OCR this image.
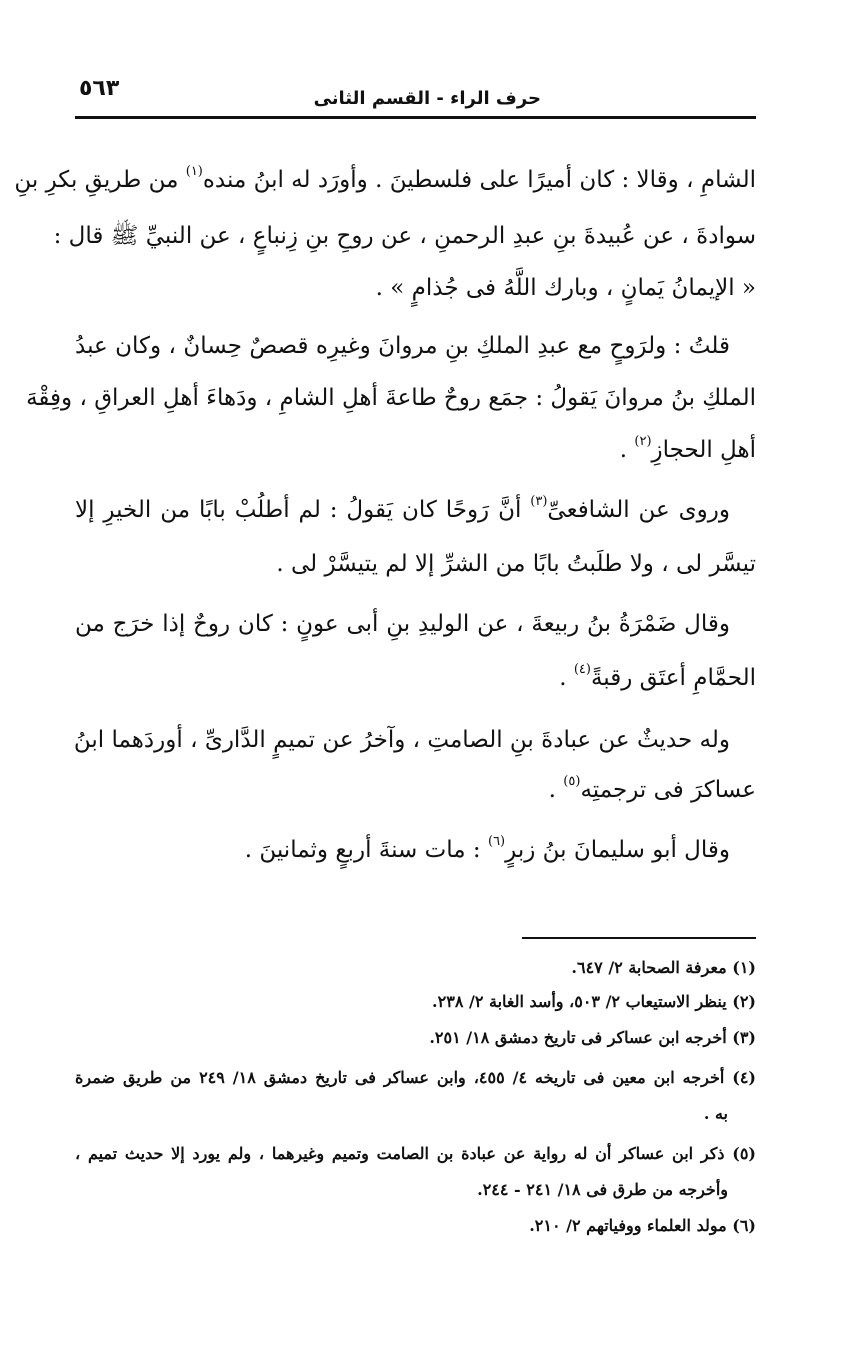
حرف الراء - القسم الثانى
٥٦٣
الشامِ ، وقالا : كان أميرًا على فلسطينَ . وأورَد له ابنُ منده$^{(١)}$ من طريقِ بكرِ بنِ
سوادةَ ، عن عُبيدةَ بنِ عبدِ الرحمنِ ، عن روحِ بنِ زِنباعٍ ، عن النبيِّ ﷺ قال :
« الإيمانُ يَمانٍ ، وبارك اللَّهُ فى جُذامٍ » .
قلتُ : ولرَوحٍ مع عبدِ الملكِ بنِ مروانَ وغيرِه قصصٌ حِسانٌ ، وكان عبدُ
الملكِ بنُ مروانَ يَقولُ : جمَع روحٌ طاعةَ أهلِ الشامِ ، ودَهاءَ أهلِ العراقِ ، وفِقْهَ
أهلِ الحجازِ$^{(٢)}$ .
وروى عن الشافعىِّ$^{(٣)}$ أنَّ رَوحًا كان يَقولُ : لم أطلُبْ بابًا من الخيرِ إلا
تيسَّر لى ، ولا طلَبتُ بابًا من الشرِّ إلا لم يتيسَّرْ لى .
وقال ضَمْرَةُ بنُ ربيعةَ ، عن الوليدِ بنِ أبى عونٍ : كان روحٌ إذا خرَج من
الحمَّامِ أعتَق رقبةً$^{(٤)}$ .
وله حديثٌ عن عبادةَ بنِ الصامتِ ، وآخرُ عن تميمٍ الدَّارىِّ ، أوردَهما ابنُ
عساكرَ فى ترجمتِه$^{(٥)}$ .
وقال أبو سليمانَ بنُ زبرٍ$^{(٦)}$ : مات سنةَ أربعٍ وثمانينَ .
(١) معرفة الصحابة ٢/ ٦٤٧.
(٢) ينظر الاستيعاب ٢/ ٥٠٣، وأسد الغابة ٢/ ٢٣٨.
(٣) أخرجه ابن عساكر فى تاريخ دمشق ١٨/ ٢٥١.
(٤) أخرجه ابن معين فى تاريخه ٤/ ٤٥٥، وابن عساكر فى تاريخ دمشق ١٨/ ٢٤٩ من طريق ضمرة
به .
(٥) ذكر ابن عساكر أن له رواية عن عبادة بن الصامت وتميم وغيرهما ، ولم يورد إلا حديث تميم ،
وأخرجه من طرق فى ١٨/ ٢٤١ - ٢٤٤.
(٦) مولد العلماء ووفياتهم ٢/ ٢١٠.
